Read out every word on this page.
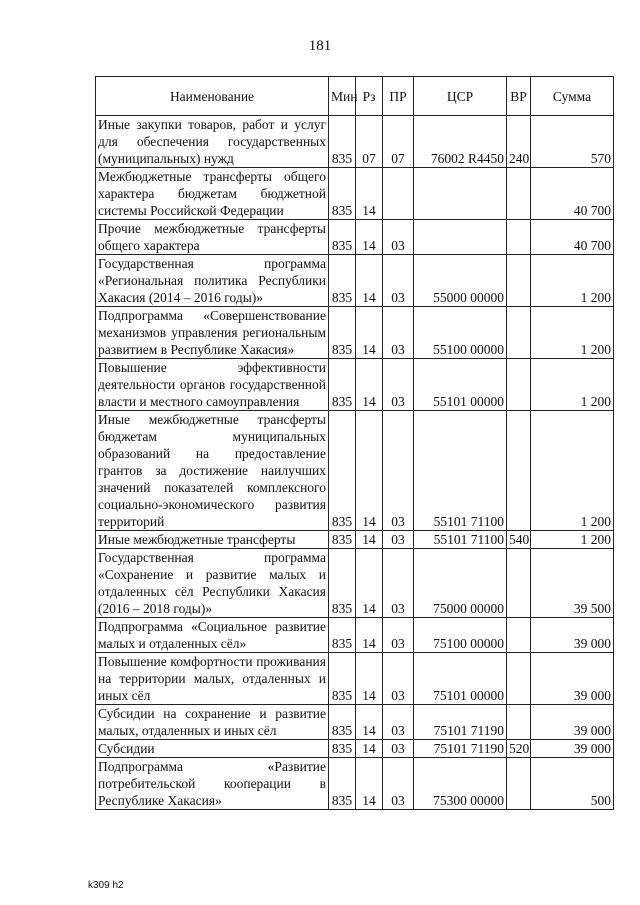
181
Наименование	Мин	Рз	ПР	ЦСР	ВР	Сумма
Иные закупки товаров, работ и услуг для обеспечения государственных (муниципальных) нужд	835	07	07	76002 R4450	240	570
Межбюджетные трансферты общего характера бюджетам бюджетной системы Российской Федерации	835	14				40 700
Прочие межбюджетные трансферты общего характера	835	14	03			40 700
Государственная программа «Региональная политика Республики Хакасия (2014 – 2016 годы)»	835	14	03	55000 00000		1 200
Подпрограмма «Совершенствование механизмов управления региональным развитием в Республике Хакасия»	835	14	03	55100 00000		1 200
Повышение эффективности деятельности органов государственной власти и местного самоуправления	835	14	03	55101 00000		1 200
Иные межбюджетные трансферты бюджетам муниципальных образований на предоставление грантов за достижение наилучших значений показателей комплексного социально-экономического развития территорий	835	14	03	55101 71100		1 200
Иные межбюджетные трансферты	835	14	03	55101 71100	540	1 200
Государственная программа «Сохранение и развитие малых и отдаленных сёл Республики Хакасия (2016 – 2018 годы)»	835	14	03	75000 00000		39 500
Подпрограмма «Социальное развитие малых и отдаленных сёл»	835	14	03	75100 00000		39 000
Повышение комфортности проживания на территории малых, отдаленных и иных сёл	835	14	03	75101 00000		39 000
Субсидии на сохранение и развитие малых, отдаленных и иных сёл	835	14	03	75101 71190		39 000
Субсидии	835	14	03	75101 71190	520	39 000
Подпрограмма «Развитие потребительской кооперации в Республике Хакасия»	835	14	03	75300 00000		500
k309 h2
